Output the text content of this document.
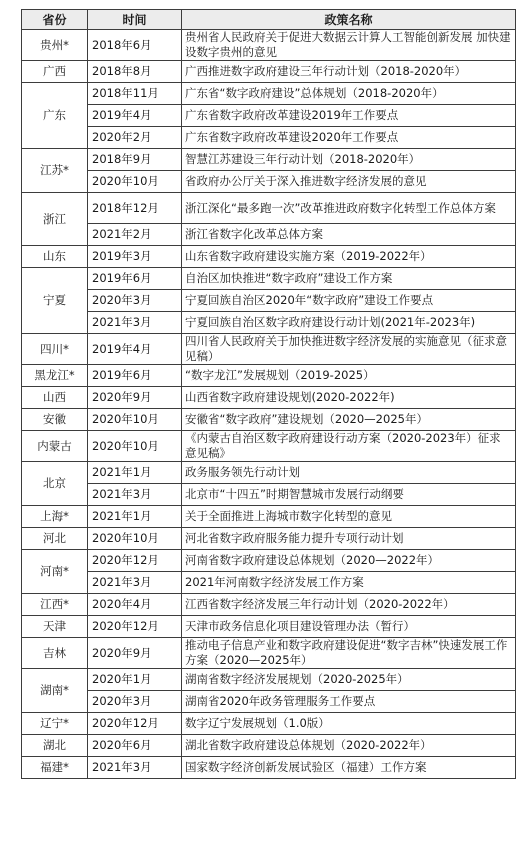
省份	时间	政策名称
贵州*	2018年6月	贵州省人民政府关于促进大数据云计算人工智能创新发展 加快建设数字贵州的意见
广西	2018年8月	广西推进数字政府建设三年行动计划（2018-2020年）
广东	2018年11月	广东省“数字政府建设”总体规划（2018-2020年）
	2019年4月	广东省数字政府改革建设2019年工作要点
	2020年2月	广东省数字政府改革建设2020年工作要点
江苏*	2018年9月	智慧江苏建设三年行动计划（2018-2020年）
	2020年10月	省政府办公厅关于深入推进数字经济发展的意见
浙江	2018年12月	浙江深化“最多跑一次”改革推进政府数字化转型工作总体方案
	2021年2月	浙江省数字化改革总体方案
山东	2019年3月	山东省数字政府建设实施方案（2019-2022年）
宁夏	2019年6月	自治区加快推进“数字政府”建设工作方案
	2020年3月	宁夏回族自治区2020年“数字政府”建设工作要点
	2021年3月	宁夏回族自治区数字政府建设行动计划(2021年-2023年)
四川*	2019年4月	四川省人民政府关于加快推进数字经济发展的实施意见（征求意见稿）
黑龙江*	2019年6月	“数字龙江”发展规划（2019-2025）
山西	2020年9月	山西省数字政府建设规划(2020-2022年)
安徽	2020年10月	安徽省“数字政府”建设规划（2020—2025年）
内蒙古	2020年10月	《内蒙古自治区数字政府建设行动方案（2020-2023年）征求意见稿》
北京	2021年1月	政务服务领先行动计划
	2021年3月	北京市“十四五”时期智慧城市发展行动纲要
上海*	2021年1月	关于全面推进上海城市数字化转型的意见
河北	2020年10月	河北省数字政府服务能力提升专项行动计划
河南*	2020年12月	河南省数字政府建设总体规划（2020—2022年）
	2021年3月	2021年河南数字经济发展工作方案
江西*	2020年4月	江西省数字经济发展三年行动计划（2020-2022年）
天津	2020年12月	天津市政务信息化项目建设管理办法（暂行）
吉林	2020年9月	推动电子信息产业和数字政府建设促进“数字吉林”快速发展工作方案（2020—2025年）
湖南*	2020年1月	湖南省数字经济发展规划（2020-2025年）
	2020年3月	湖南省2020年政务管理服务工作要点
辽宁*	2020年12月	数字辽宁发展规划（1.0版）
湖北	2020年6月	湖北省数字政府建设总体规划（2020-2022年）
福建*	2021年3月	国家数字经济创新发展试验区（福建）工作方案
